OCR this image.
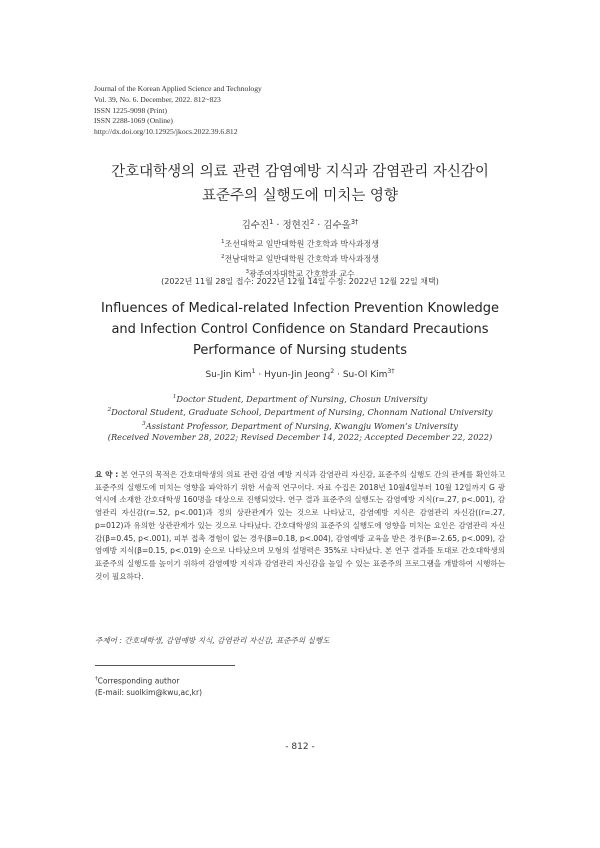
Journal of the Korean Applied Science and Technology
Vol. 39, No. 6. December, 2022. 812~823
ISSN 1225-9098 (Print)
ISSN 2288-1069 (Online)
http://dx.doi.org/10.12925/jkocs.2022.39.6.812
간호대학생의 의료 관련 감염예방 지식과 감염관리 자신감이
표준주의 실행도에 미치는 영향
김수진$^1$ · 정현진$^2$ · 김수올$^{3\dagger}$
$^1$조선대학교 일반대학원 간호학과 박사과정생
$^2$전남대학교 일반대학원 간호학과 박사과정생
$^3$광주여자대학교 간호학과 교수
(2022년 11월 28일 접수: 2022년 12월 14일 수정: 2022년 12월 22일 채택)
Influences of Medical-related Infection Prevention Knowledge
and Infection Control Confidence on Standard Precautions
Performance of Nursing students
Su-Jin Kim$^1$ · Hyun-Jin Jeong$^2$ · Su-Ol Kim$^{3\dagger}$
$^1$Doctor Student, Department of Nursing, Chosun University
$^2$Doctoral Student, Graduate School, Department of Nursing, Chonnam National University
$^3$Assistant Professor, Department of Nursing, Kwangju Women’s University
(Received November 28, 2022; Revised December 14, 2022; Accepted December 22, 2022)
요 약 : 본 연구의 목적은 간호대학생의 의료 관련 감염 예방 지식과 감염관리 자신감, 표준주의 실행도 간의 관계를 확인하고 표준주의 실행도에 미치는 영향을 파악하기 위한 서술적 연구이다. 자료 수집은 2018년 10월4일부터 10월 12일까지 G 광역시에 소재한 간호대학생 160명을 대상으로 진행되었다. 연구 결과 표준주의 실행도는 감염예방 지식(r=.27, p<.001), 감염관리 자신감(r=.52, p<.001)과 정의 상관관계가 있는 것으로 나타났고, 감염예방 지식은 감염관리 자신감((r=.27, p=012)과 유의한 상관관계가 있는 것으로 나타났다. 간호대학생의 표준주의 실행도에 영향을 미치는 요인은 감염관리 자신감(β=0.45, p<.001), 피부 접촉 경험이 없는 경우(β=0.18, p<.004), 감염예방 교육을 받은 경우(β=-2.65, p<.009), 감염예방 지식(β=0.15, p<.019) 순으로 나타났으며 모형의 설명력은 35%로 나타났다. 본 연구 결과를 토대로 간호대학생의 표준주의 실행도를 높이기 위하여 감염예방 지식과 감염관리 자신감을 높일 수 있는 표준주의 프로그램을 개발하여 시행하는 것이 필요하다.
주제어 : 간호대학생, 감염예방 지식, 감염관리 자신감, 표준주의 실행도
†Corresponding author
(E-mail: suolkim@kwu,ac,kr)
- 812 -
